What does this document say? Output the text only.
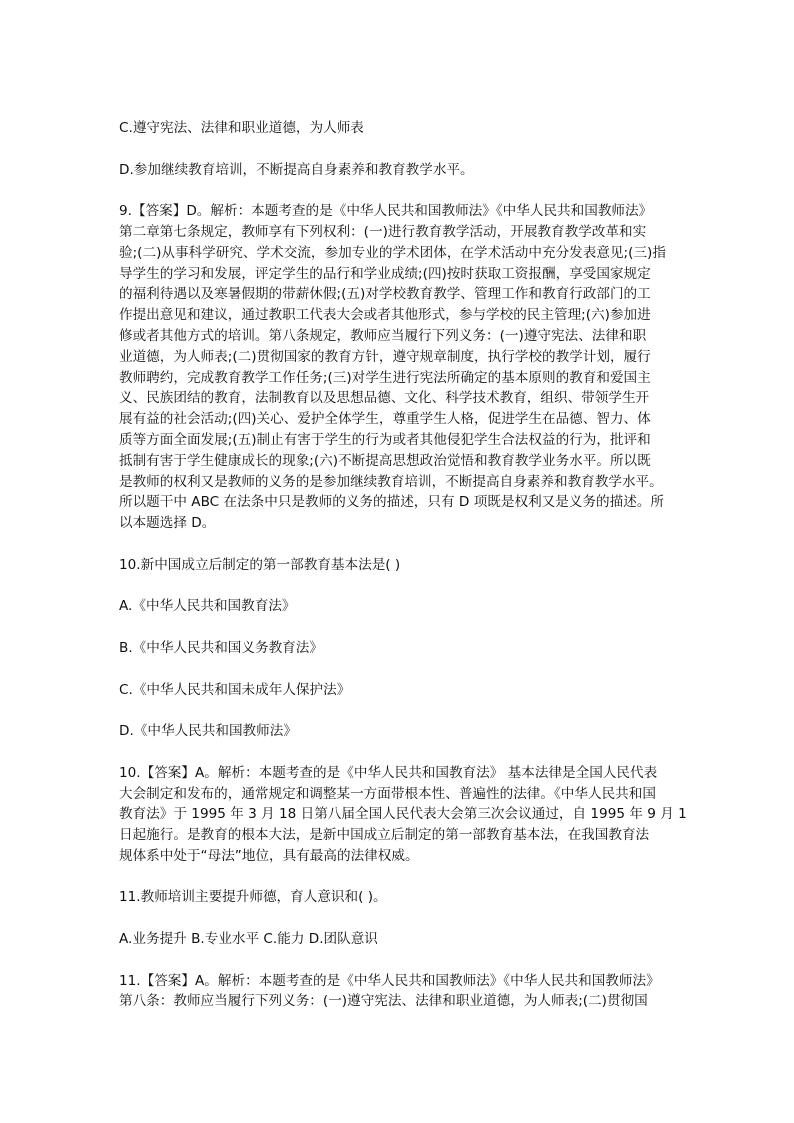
C.遵守宪法、法律和职业道德，为人师表
D.参加继续教育培训，不断提高自身素养和教育教学水平。
9.【答案】D。解析：本题考查的是《中华人民共和国教师法》《中华人民共和国教师法》
第二章第七条规定，教师享有下列权利：(一)进行教育教学活动，开展教育教学改革和实
验;(二)从事科学研究、学术交流，参加专业的学术团体，在学术活动中充分发表意见;(三)指
导学生的学习和发展，评定学生的品行和学业成绩;(四)按时获取工资报酬，享受国家规定
的福利待遇以及寒暑假期的带薪休假;(五)对学校教育教学、管理工作和教育行政部门的工
作提出意见和建议，通过教职工代表大会或者其他形式，参与学校的民主管理;(六)参加进
修或者其他方式的培训。第八条规定，教师应当履行下列义务：(一)遵守宪法、法律和职
业道德，为人师表;(二)贯彻国家的教育方针，遵守规章制度，执行学校的教学计划，履行
教师聘约，完成教育教学工作任务;(三)对学生进行宪法所确定的基本原则的教育和爱国主
义、民族团结的教育，法制教育以及思想品德、文化、科学技术教育，组织、带领学生开
展有益的社会活动;(四)关心、爱护全体学生，尊重学生人格，促进学生在品德、智力、体
质等方面全面发展;(五)制止有害于学生的行为或者其他侵犯学生合法权益的行为，批评和
抵制有害于学生健康成长的现象;(六)不断提高思想政治觉悟和教育教学业务水平。所以既
是教师的权利又是教师的义务的是参加继续教育培训，不断提高自身素养和教育教学水平。
所以题干中 ABC 在法条中只是教师的义务的描述，只有 D 项既是权利又是义务的描述。所
以本题选择 D。
10.新中国成立后制定的第一部教育基本法是( )
A.《中华人民共和国教育法》
B.《中华人民共和国义务教育法》
C.《中华人民共和国未成年人保护法》
D.《中华人民共和国教师法》
10.【答案】A。解析：本题考查的是《中华人民共和国教育法》 基本法律是全国人民代表
大会制定和发布的，通常规定和调整某一方面带根本性、普遍性的法律。《中华人民共和国
教育法》于 1995 年 3 月 18 日第八届全国人民代表大会第三次会议通过，自 1995 年 9 月 1
日起施行。是教育的根本大法，是新中国成立后制定的第一部教育基本法，在我国教育法
规体系中处于“母法”地位，具有最高的法律权威。
11.教师培训主要提升师德，育人意识和( )。
A.业务提升 B.专业水平 C.能力 D.团队意识
11.【答案】A。解析：本题考查的是《中华人民共和国教师法》《中华人民共和国教师法》
第八条：教师应当履行下列义务：(一)遵守宪法、法律和职业道德，为人师表;(二)贯彻国
